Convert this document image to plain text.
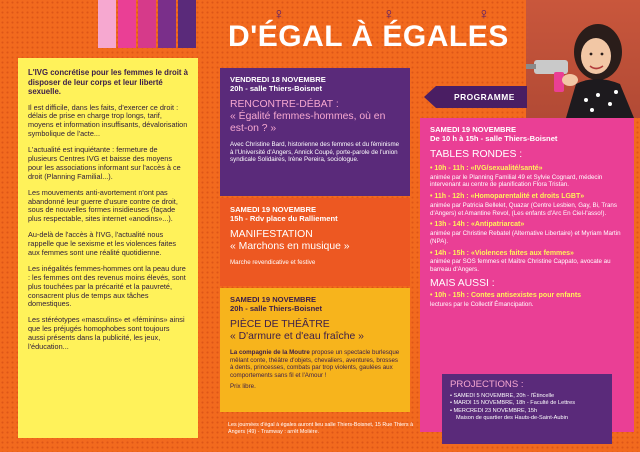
D'ÉGAL À ÉGALES
♀	♀	♀

L'IVG concrétise pour les femmes le droit à disposer de leur corps et leur liberté sexuelle.

Il est difficile, dans les faits, d'exercer ce droit : délais de prise en charge trop longs, tarif, moyens et information insuffisants, dévalorisation symbolique de l'acte...

L'actualité est inquiétante : fermeture de plusieurs Centres IVG et baisse des moyens pour les associations informant sur l'accès à ce droit (Planning Familial...).

Les mouvements anti-avortement n'ont pas abandonné leur guerre d'usure contre ce droit, sous de nouvelles formes insidieuses (façade plus respectable, sites internet «anodins»...).

Au-delà de l'accès à l'IVG, l'actualité nous rappelle que le sexisme et les violences faites aux femmes sont une réalité quotidienne.

Les inégalités femmes-hommes ont la peau dure : les femmes ont des revenus moins élevés, sont plus touchées par la précarité et la pauvreté, consacrent plus de temps aux tâches domestiques.

Les stéréotypes «masculins» et «féminins» ainsi que les préjugés homophobes sont toujours aussi présents dans la publicité, les jeux, l'éducation...

VENDREDI 18 NOVEMBRE
20h - salle Thiers-Boisnet
RENCONTRE-DÉBAT :
« Égalité femmes-hommes, où en est-on ? »
Avec Christine Bard, historienne des femmes et du féminisme à l'Université d'Angers, Annick Coupé, porte-parole de l'union syndicale Solidaires, Irène Pereira, sociologue.
SAMEDI 19 NOVEMBRE
15h - Rdv place du Ralliement
MANIFESTATION
« Marchons en musique »
Marche revendicative et festive
SAMEDI 19 NOVEMBRE
20h - salle Thiers-Boisnet
PIÈCE DE THÉÂTRE
« D'armure et d'eau fraîche »
La compagnie de la Moutre propose un spectacle burlesque mêlant conte, théâtre d'objets, chevaliers, aventures, brosses à dents, princesses, combats par trop violents, gaulées aux comportements sans fil et l'Amour !
Prix libre.
Les journées d'égal à égales auront lieu salle Thiers-Boisnet, 15 Rue Thiers à Angers (49) - Tramway : arrêt Molière.
PROGRAMME
SAMEDI 19 NOVEMBRE
De 10 h à 15h - salle Thiers-Boisnet
TABLES RONDES :
• 10h - 11h : «IVG/sexualité/santé»
animée par le Planning Familial 49 et Sylvie Cognard, médecin intervenant au centre de planification Flora Tristan.
• 11h - 12h : «Homoparentalité et droits LGBT»
animée par Patricia Bellelet, Quazar (Centre Lesbien, Gay, Bi, Trans d'Angers) et Amantine Revol, (Les enfants d'Arc En Ciel-l'asso!).
• 13h - 14h : «Antipatriarcat»
animée par Christine Rebatel (Alternative Libertaire) et Myriam Martin (NPA).
• 14h - 15h : «Violences faites aux femmes»
animée par SOS femmes et Maître Christine Cappato, avocate au barreau d'Angers.
MAIS AUSSI :
• 10h - 15h : Contes antisexistes pour enfants
lectures par le Collectif Émancipation.
PROJECTIONS :
• SAMEDI 5 NOVEMBRE, 20h - l'Étincelle
• MARDI 15 NOVEMBRE, 18h - Faculté de Lettres
• MERCREDI 23 NOVEMBRE, 15h
Maison de quartier des Hauts-de-Saint-Aubin
